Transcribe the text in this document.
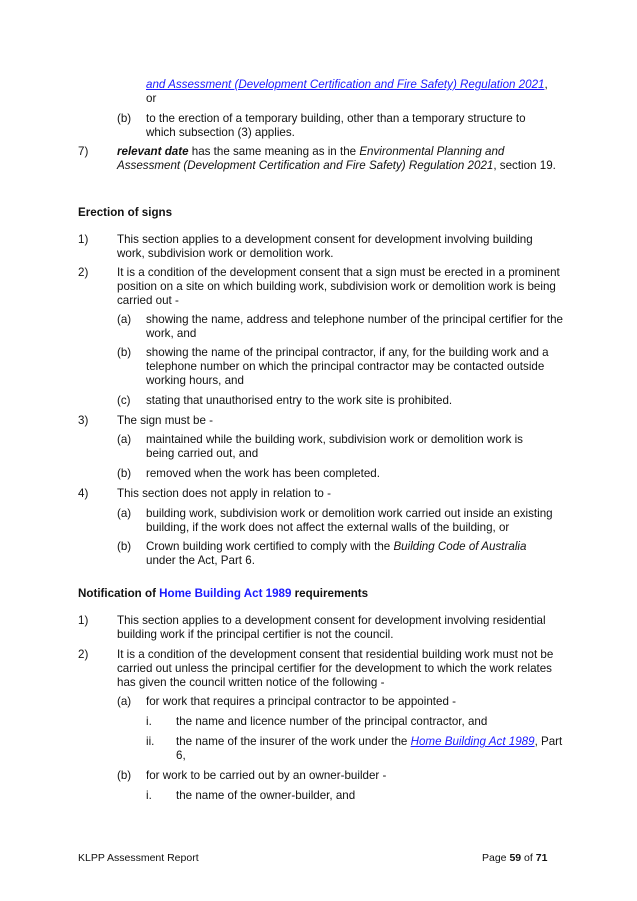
and Assessment (Development Certification and Fire Safety) Regulation 2021,
or
(b) to the erection of a temporary building, other than a temporary structure to which subsection (3) applies.
7) relevant date has the same meaning as in the Environmental Planning and Assessment (Development Certification and Fire Safety) Regulation 2021, section 19.
Erection of signs
1) This section applies to a development consent for development involving building work, subdivision work or demolition work.
2) It is a condition of the development consent that a sign must be erected in a prominent position on a site on which building work, subdivision work or demolition work is being carried out -
(a) showing the name, address and telephone number of the principal certifier for the work, and
(b) showing the name of the principal contractor, if any, for the building work and a telephone number on which the principal contractor may be contacted outside working hours, and
(c) stating that unauthorised entry to the work site is prohibited.
3) The sign must be -
(a) maintained while the building work, subdivision work or demolition work is being carried out, and
(b) removed when the work has been completed.
4) This section does not apply in relation to -
(a) building work, subdivision work or demolition work carried out inside an existing building, if the work does not affect the external walls of the building, or
(b) Crown building work certified to comply with the Building Code of Australia under the Act, Part 6.
Notification of Home Building Act 1989 requirements
1) This section applies to a development consent for development involving residential building work if the principal certifier is not the council.
2) It is a condition of the development consent that residential building work must not be carried out unless the principal certifier for the development to which the work relates has given the council written notice of the following -
(a) for work that requires a principal contractor to be appointed -
i. the name and licence number of the principal contractor, and
ii. the name of the insurer of the work under the Home Building Act 1989, Part 6,
(b) for work to be carried out by an owner-builder -
i. the name of the owner-builder, and
KLPP Assessment Report	Page 59 of 71
